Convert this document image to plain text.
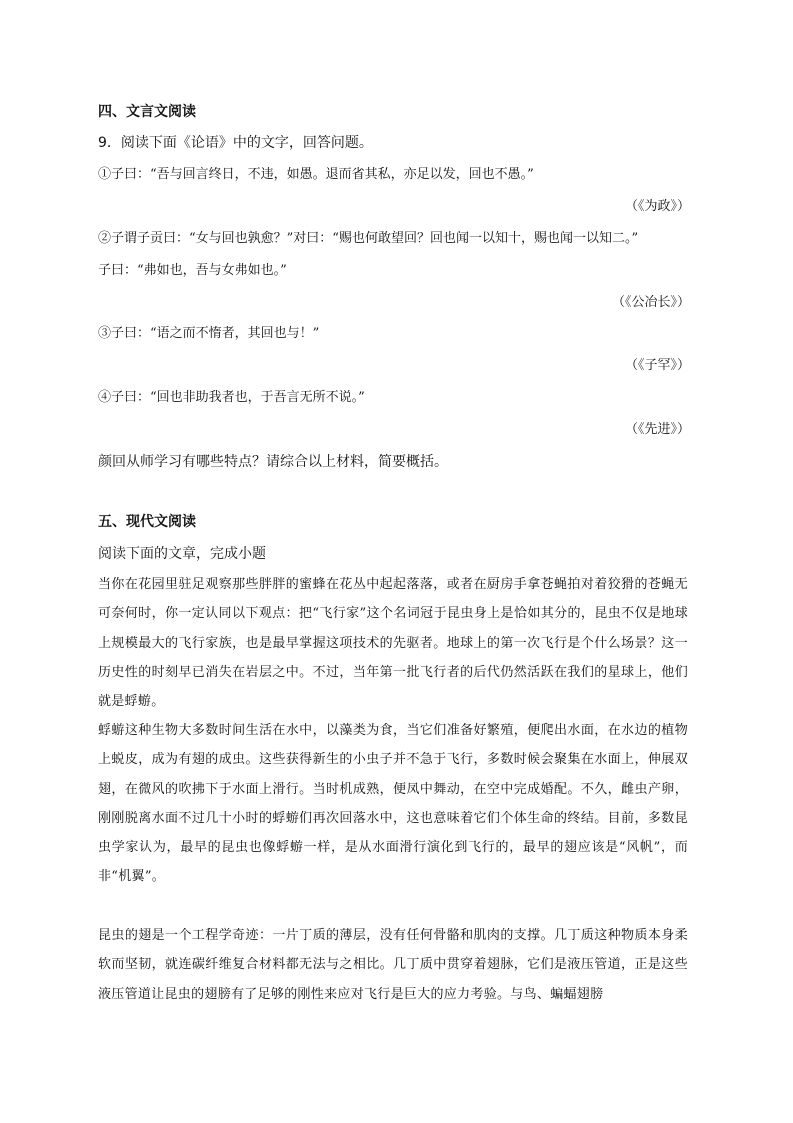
四、文言文阅读
9．阅读下面《论语》中的文字，回答问题。
①子曰：“吾与回言终日，不违，如愚。退而省其私，亦足以发，回也不愚。”
（《为政》）
②子谓子贡曰：“女与回也孰愈？”对曰：“赐也何敢望回？回也闻一以知十，赐也闻一以知二。”
子曰：“弗如也，吾与女弗如也。”
（《公冶长》）
③子曰：“语之而不惰者，其回也与！”
（《子罕》）
④子曰：“回也非助我者也，于吾言无所不说。”
（《先进》）
颜回从师学习有哪些特点？请综合以上材料，简要概括。
五、现代文阅读
阅读下面的文章，完成小题
当你在花园里驻足观察那些胖胖的蜜蜂在花丛中起起落落，或者在厨房手拿苍蝇拍对着狡猾的苍蝇无可奈何时，你一定认同以下观点：把“飞行家”这个名词冠于昆虫身上是恰如其分的，昆虫不仅是地球上规模最大的飞行家族，也是最早掌握这项技术的先驱者。地球上的第一次飞行是个什么场景？这一历史性的时刻早已消失在岩层之中。不过，当年第一批飞行者的后代仍然活跃在我们的星球上，他们就是蜉蝣。
蜉蝣这种生物大多数时间生活在水中，以藻类为食，当它们准备好繁殖，便爬出水面，在水边的植物上蜕皮，成为有翅的成虫。这些获得新生的小虫子并不急于飞行，多数时候会聚集在水面上，伸展双翅，在微风的吹拂下于水面上滑行。当时机成熟，便凤中舞动，在空中完成婚配。不久，雌虫产卵，刚刚脱离水面不过几十小时的蜉蝣们再次回落水中，这也意味着它们个体生命的终结。目前，多数昆虫学家认为，最早的昆虫也像蜉蝣一样，是从水面滑行演化到飞行的，最早的翅应该是“风帆”，而非“机翼”。
昆虫的翅是一个工程学奇迹：一片丁质的薄层，没有任何骨骼和肌肉的支撑。几丁质这种物质本身柔软而坚韧，就连碳纤维复合材料都无法与之相比。几丁质中贯穿着翅脉，它们是液压管道，正是这些液压管道让昆虫的翅膀有了足够的刚性来应对飞行是巨大的应力考验。与鸟、蝙蝠翅膀
